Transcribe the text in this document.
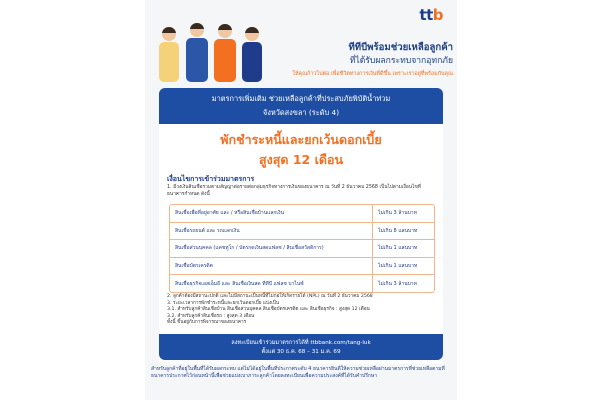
ttb
ทีทีบีพร้อมช่วยเหลือลูกค้า
ที่ได้รับผลกระทบจากอุทกภัย
ให้คุณก้าวไปต่อ เพื่อชีวิตทางการเงินที่ดีขึ้น เพราะเราอยู่ที่พร้อมกับคุณ
มาตรการเพิ่มเติม ช่วยเหลือลูกค้าที่ประสบภัยพิบัติน้ำท่วม
จังหวัดสงขลา (ระดับ 4)
พักชำระหนี้และยกเว้นดอกเบี้ย
สูงสุด 12 เดือน
เงื่อนไขการเข้าร่วมมาตรการ
1. มีวงเงินสินเชื่อรวมตามสัญญาต่อรายต่อกลุ่มธุรกิจทางการเงินของธนาคาร ณ วันที่ 2 ธันวาคม 2568 เป็นไปตามเงื่อนไขที่ธนาคารกำหนด ดังนี้
สินเชื่อเพื่อที่อยู่อาศัย และ / หรือสินเชื่อบ้านแลกเงิน	ไม่เกิน 3 ล้านบาท
สินเชื่อรถยนต์ และ รถแลกเงิน	ไม่เกิน 8 แสนบาท
สินเชื่อส่วนบุคคล (แคชทูโก / บัตรกดเงินสดแฟลช / สินเชื่อสวัสดิการ)	ไม่เกิน 1 แสนบาท
สินเชื่อบัตรเครดิต	ไม่เกิน 1 แสนบาท
สินเชื่อธุรกิจเอสเอ็มอี และ สินเชื่อเงินสด ทีทีบี แฟลช บาไนซ์	ไม่เกิน 3 ล้านบาท
2. ลูกค้าต้องมีสถานะปกติ และไม่มีสถานะเป็นหนี้ที่ไม่ก่อให้เกิดรายได้ (NPL) ณ วันที่ 2 ธันวาคม 2568
3. ระยะเวลาการพักชำระหนี้และยกเว้นดอกเบี้ย แบ่งเป็น
3.1. สำหรับลูกค้าสินเชื่อบ้าน สินเชื่อส่วนบุคคล สินเชื่อบัตรเครดิต และ สินเชื่อธุรกิจ : สูงสุด 12 เดือน
3.2. สำหรับลูกค้าสินเชื่อรถ : สูงสุด 3 เดือน
ทั้งนี้ ขึ้นอยู่กับการพิจารณาของธนาคาร
ลงทะเบียนเข้าร่วมมาตรการได้ที่ ttbbank.com/tang-luk
ตั้งแต่ 30 ธ.ค. 68 – 31 ม.ค. 69
สำหรับลูกค้าที่อยู่ในพื้นที่ได้รับผลกระทบ แต่ไม่ได้อยู่ในพื้นที่ประกาศระดับ 4 ธนาคารยินดีให้ความช่วยเหลือผ่านมาตรการที่ช่วยเหลือตามที่ธนาคารประกาศไว้ก่อนหน้านี้เพื่อช่วยแบ่งเบาภาระลูกค้าโดยลงทะเบียนเพื่อความประสงค์ที่ได้รับคำปรึกษา
